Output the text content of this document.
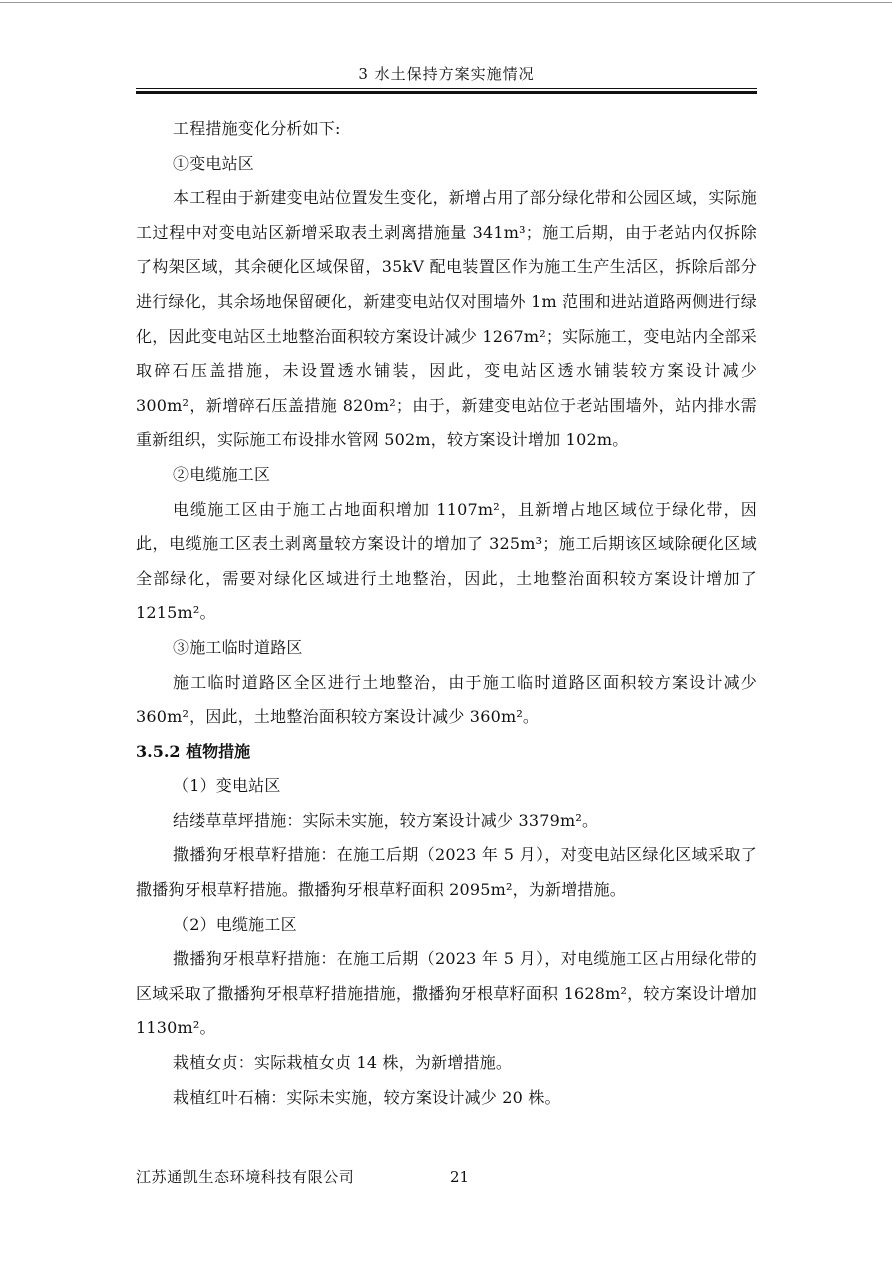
3 水土保持方案实施情况

工程措施变化分析如下:

①变电站区

本工程由于新建变电站位置发生变化，新增占用了部分绿化带和公园区域，实际施工过程中对变电站区新增采取表土剥离措施量 341m³；施工后期，由于老站内仅拆除了构架区域，其余硬化区域保留，35kV 配电装置区作为施工生产生活区，拆除后部分进行绿化，其余场地保留硬化，新建变电站仅对围墙外 1m 范围和进站道路两侧进行绿化，因此变电站区土地整治面积较方案设计减少 1267m²；实际施工，变电站内全部采取碎石压盖措施，未设置透水铺装，因此，变电站区透水铺装较方案设计减少 300m²，新增碎石压盖措施 820m²；由于，新建变电站位于老站围墙外，站内排水需重新组织，实际施工布设排水管网 502m，较方案设计增加 102m。

②电缆施工区

电缆施工区由于施工占地面积增加 1107m²，且新增占地区域位于绿化带，因此，电缆施工区表土剥离量较方案设计的增加了 325m³；施工后期该区域除硬化区域全部绿化，需要对绿化区域进行土地整治，因此，土地整治面积较方案设计增加了 1215m²。

③施工临时道路区

施工临时道路区全区进行土地整治，由于施工临时道路区面积较方案设计减少 360m²，因此，土地整治面积较方案设计减少 360m²。

3.5.2 植物措施

（1）变电站区

结缕草草坪措施：实际未实施，较方案设计减少 3379m²。

撒播狗牙根草籽措施：在施工后期（2023 年 5 月），对变电站区绿化区域采取了撒播狗牙根草籽措施。撒播狗牙根草籽面积 2095m²，为新增措施。

（2）电缆施工区

撒播狗牙根草籽措施：在施工后期（2023 年 5 月），对电缆施工区占用绿化带的区域采取了撒播狗牙根草籽措施措施，撒播狗牙根草籽面积 1628m²，较方案设计增加 1130m²。

栽植女贞：实际栽植女贞 14 株，为新增措施。

栽植红叶石楠：实际未实施，较方案设计减少 20 株。

江苏通凯生态环境科技有限公司	21
